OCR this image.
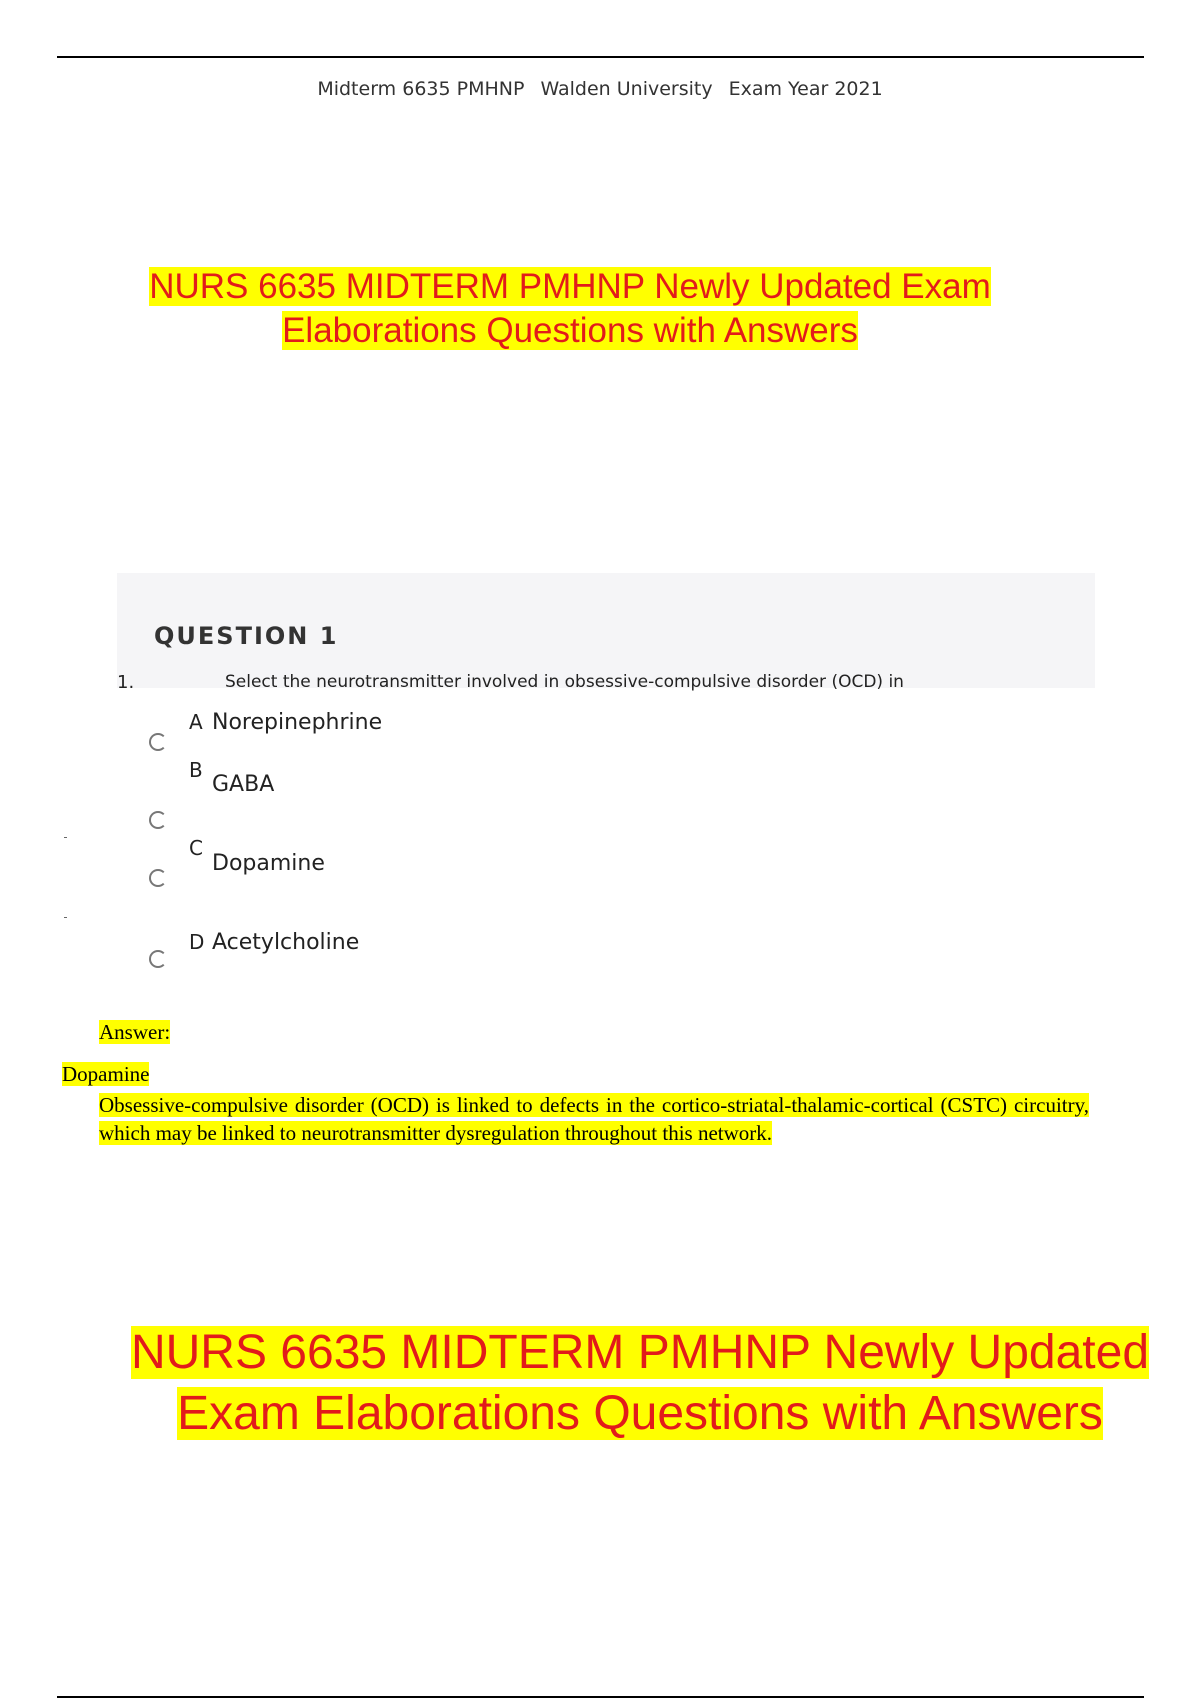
Midterm 6635 PMHNP Walden University Exam Year 2021
NURS 6635 MIDTERM PMHNP Newly Updated Exam
Elaborations Questions with Answers
QUESTION 1
1.	Select the neurotransmitter involved in obsessive-compulsive disorder (OCD) in
A Norepinephrine
B
GABA
C
Dopamine
D Acetylcholine
Answer:
Dopamine
Obsessive-compulsive disorder (OCD) is linked to defects in the cortico-striatal-thalamic-cortical (CSTC) circuitry, which may be linked to neurotransmitter dysregulation throughout this network.
NURS 6635 MIDTERM PMHNP Newly Updated
Exam Elaborations Questions with Answers
